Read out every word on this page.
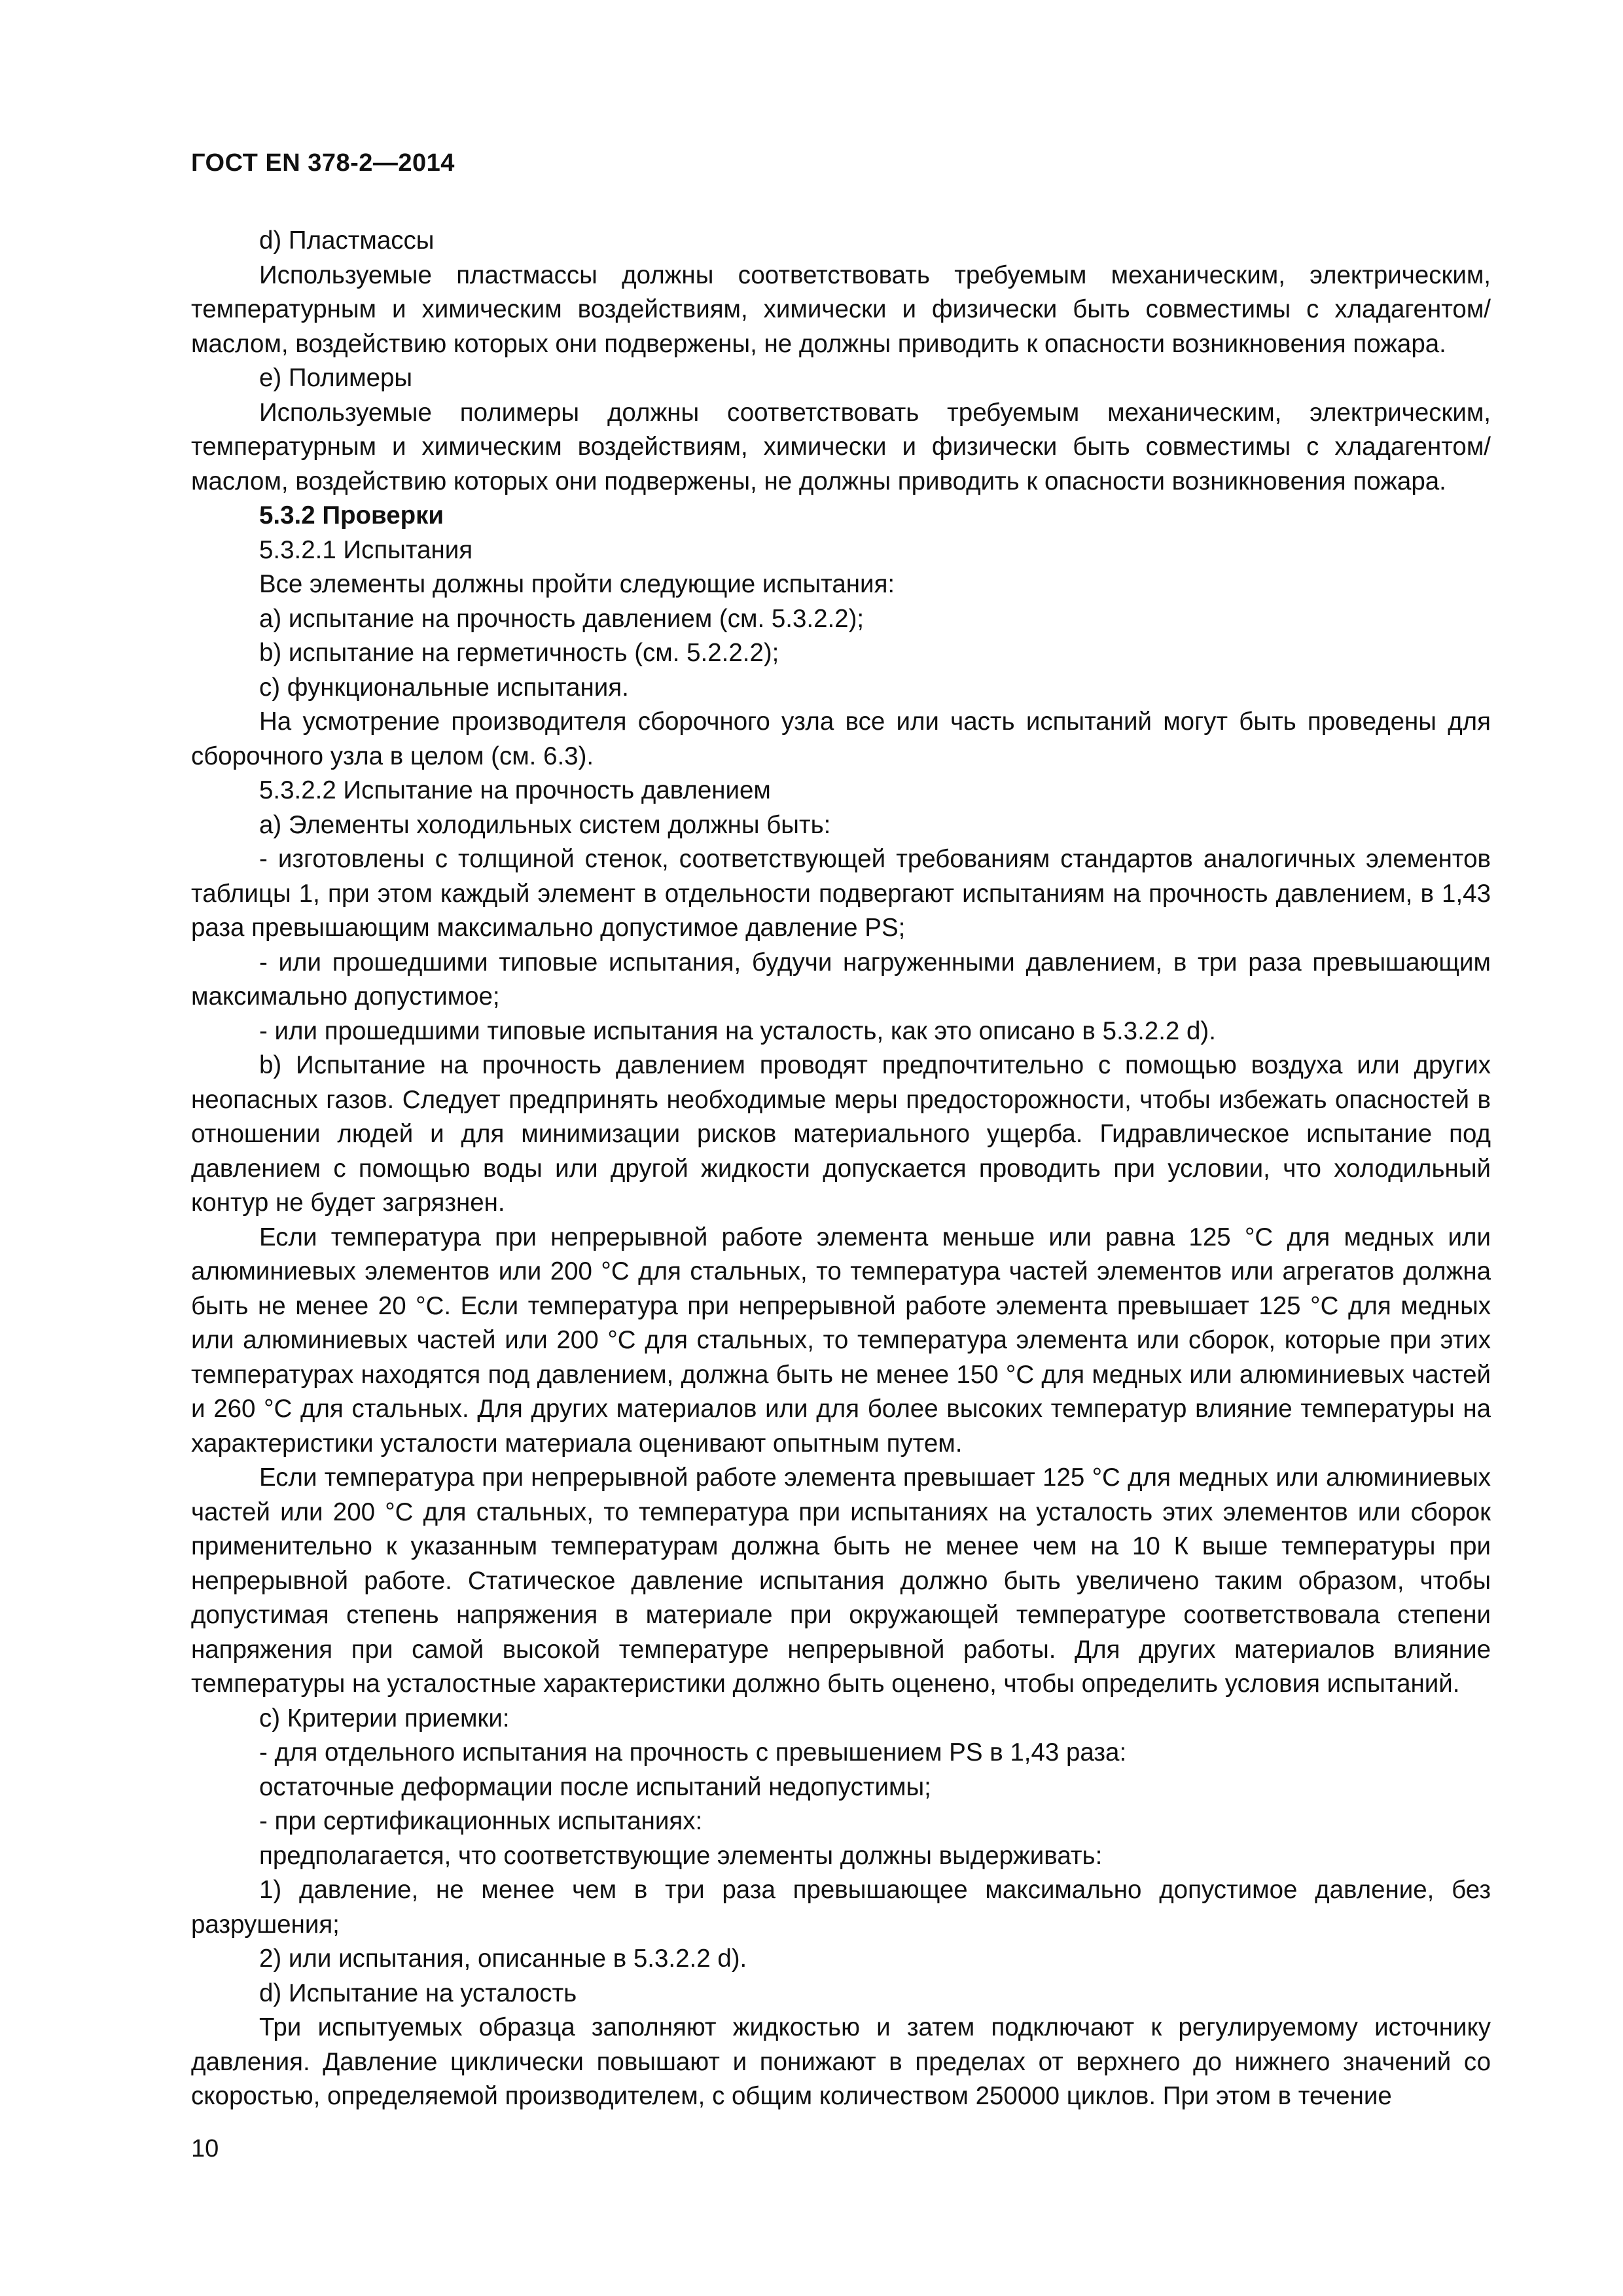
ГОСТ EN 378-2—2014

d) Пластмассы

Используемые пластмассы должны соответствовать требуемым механическим, электрическим, температурным и химическим воздействиям, химически и физически быть совместимы с хладагентом/маслом, воздействию которых они подвержены, не должны приводить к опасности возникновения пожара.

е) Полимеры

Используемые полимеры должны соответствовать требуемым механическим, электрическим, температурным и химическим воздействиям, химически и физически быть совместимы с хладагентом/маслом, воздействию которых они подвержены, не должны приводить к опасности возникновения пожара.

5.3.2 Проверки

5.3.2.1 Испытания

Все элементы должны пройти следующие испытания:

a) испытание на прочность давлением (см. 5.3.2.2);

b) испытание на герметичность (см. 5.2.2.2);

c) функциональные испытания.

На усмотрение производителя сборочного узла все или часть испытаний могут быть проведены для сборочного узла в целом (см. 6.3).

5.3.2.2 Испытание на прочность давлением

a) Элементы холодильных систем должны быть:

- изготовлены с толщиной стенок, соответствующей требованиям стандартов аналогичных элементов таблицы 1, при этом каждый элемент в отдельности подвергают испытаниям на прочность давлением, в 1,43 раза превышающим максимально допустимое давление PS;

- или прошедшими типовые испытания, будучи нагруженными давлением, в три раза превышающим максимально допустимое;

- или прошедшими типовые испытания на усталость, как это описано в 5.3.2.2 d).

b) Испытание на прочность давлением проводят предпочтительно с помощью воздуха или других неопасных газов. Следует предпринять необходимые меры предосторожности, чтобы избежать опасностей в отношении людей и для минимизации рисков материального ущерба. Гидравлическое испытание под давлением с помощью воды или другой жидкости допускается проводить при условии, что холодильный контур не будет загрязнен.

Если температура при непрерывной работе элемента меньше или равна 125 °С для медных или алюминиевых элементов или 200 °С для стальных, то температура частей элементов или агрегатов должна быть не менее 20 °С. Если температура при непрерывной работе элемента превышает 125 °С для медных или алюминиевых частей или 200 °С для стальных, то температура элемента или сборок, которые при этих температурах находятся под давлением, должна быть не менее 150 °С для медных или алюминиевых частей и 260 °С для стальных. Для других материалов или для более высоких температур влияние температуры на характеристики усталости материала оценивают опытным путем.

Если температура при непрерывной работе элемента превышает 125 °С для медных или алюминиевых частей или 200 °С для стальных, то температура при испытаниях на усталость этих элементов или сборок применительно к указанным температурам должна быть не менее чем на 10 К выше температуры при непрерывной работе. Статическое давление испытания должно быть увеличено таким образом, чтобы допустимая степень напряжения в материале при окружающей температуре соответствовала степени напряжения при самой высокой температуре непрерывной работы. Для других материалов влияние температуры на усталостные характеристики должно быть оценено, чтобы определить условия испытаний.

c) Критерии приемки:

- для отдельного испытания на прочность с превышением PS в 1,43 раза:

остаточные деформации после испытаний недопустимы;

- при сертификационных испытаниях:

предполагается, что соответствующие элементы должны выдерживать:

1) давление, не менее чем в три раза превышающее максимально допустимое давление, без разрушения;

2) или испытания, описанные в 5.3.2.2 d).

d) Испытание на усталость

Три испытуемых образца заполняют жидкостью и затем подключают к регулируемому источнику давления. Давление циклически повышают и понижают в пределах от верхнего до нижнего значений со скоростью, определяемой производителем, с общим количеством 250000 циклов. При этом в течение

10
